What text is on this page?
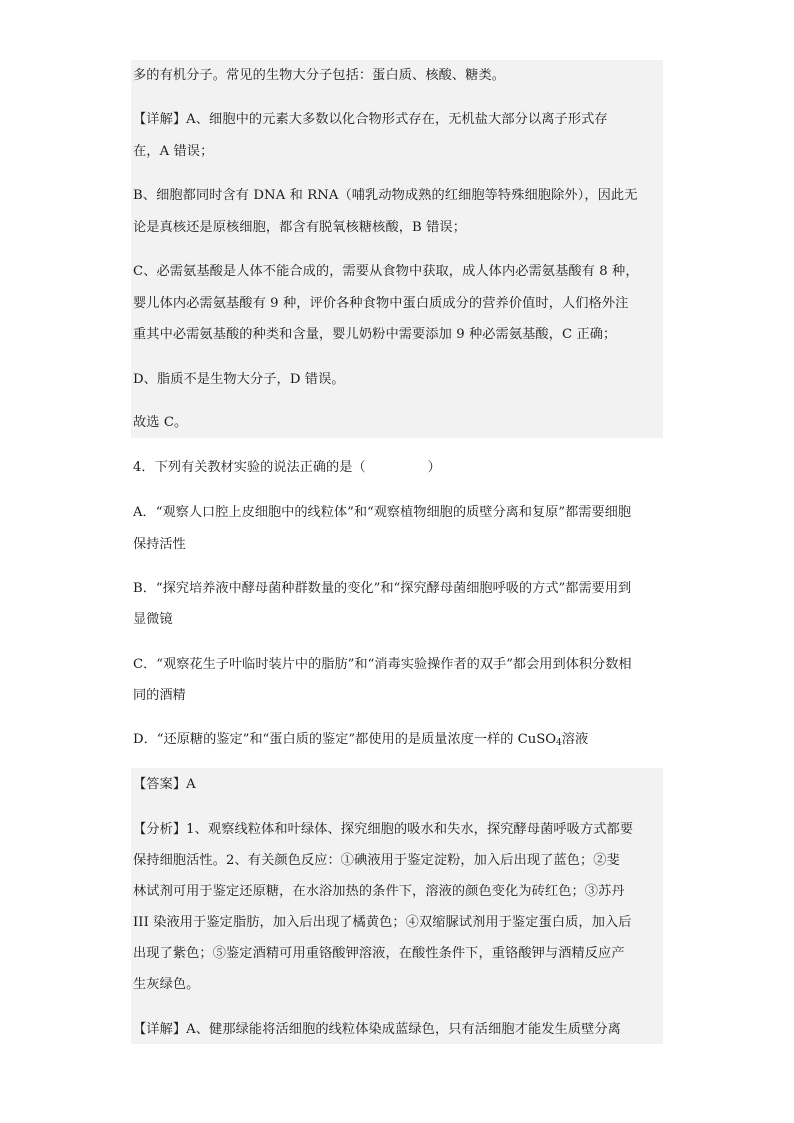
多的有机分子。常见的生物大分子包括：蛋白质、核酸、糖类。
【详解】A、细胞中的元素大多数以化合物形式存在，无机盐大部分以离子形式存
在，A 错误；
B、细胞都同时含有 DNA 和 RNA（哺乳动物成熟的红细胞等特殊细胞除外），因此无
论是真核还是原核细胞，都含有脱氧核糖核酸，B 错误；
C、必需氨基酸是人体不能合成的，需要从食物中获取，成人体内必需氨基酸有 8 种，
婴儿体内必需氨基酸有 9 种，评价各种食物中蛋白质成分的营养价值时，人们格外注
重其中必需氨基酸的种类和含量，婴儿奶粉中需要添加 9 种必需氨基酸，C 正确；
D、脂质不是生物大分子，D 错误。
故选 C。
4．下列有关教材实验的说法正确的是（	）
A．“观察人口腔上皮细胞中的线粒体”和“观察植物细胞的质壁分离和复原”都需要细胞
保持活性
B．“探究培养液中酵母菌种群数量的变化”和“探究酵母菌细胞呼吸的方式”都需要用到
显微镜
C．“观察花生子叶临时装片中的脂肪”和“消毒实验操作者的双手”都会用到体积分数相
同的酒精
D．“还原糖的鉴定”和“蛋白质的鉴定”都使用的是质量浓度一样的 CuSO$_4$溶液
【答案】A
【分析】1、观察线粒体和叶绿体、探究细胞的吸水和失水，探究酵母菌呼吸方式都要
保持细胞活性。2、有关颜色反应：①碘液用于鉴定淀粉，加入后出现了蓝色；②斐
林试剂可用于鉴定还原糖，在水浴加热的条件下，溶液的颜色变化为砖红色；③苏丹
III 染液用于鉴定脂肪，加入后出现了橘黄色；④双缩脲试剂用于鉴定蛋白质，加入后
出现了紫色；⑤鉴定酒精可用重铬酸钾溶液，在酸性条件下，重铬酸钾与酒精反应产
生灰绿色。
【详解】A、健那绿能将活细胞的线粒体染成蓝绿色，只有活细胞才能发生质壁分离
